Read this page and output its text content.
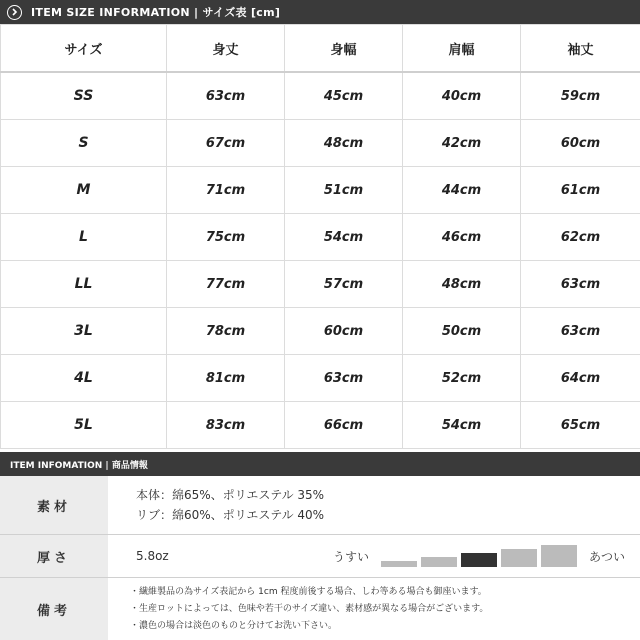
ITEM SIZE INFORMATION | サイズ表 [cm]
サイズ	身丈	身幅	肩幅	袖丈
SS	63cm	45cm	40cm	59cm
S	67cm	48cm	42cm	60cm
M	71cm	51cm	44cm	61cm
L	75cm	54cm	46cm	62cm
LL	77cm	57cm	48cm	63cm
3L	78cm	60cm	50cm	63cm
4L	81cm	63cm	52cm	64cm
5L	83cm	66cm	54cm	65cm
ITEM INFOMATION | 商品情報
素材
本体：綿65%、ポリエステル 35%
リブ：綿60%、ポリエステル 40%
厚さ	5.8oz	うすい	あつい
備考
・繊維製品の為サイズ表記から 1cm 程度前後する場合、しわ等ある場合も御座います。
・生産ロットによっては、色味や若干のサイズ違い、素材感が異なる場合がございます。
・濃色の場合は淡色のものと分けてお洗い下さい。
